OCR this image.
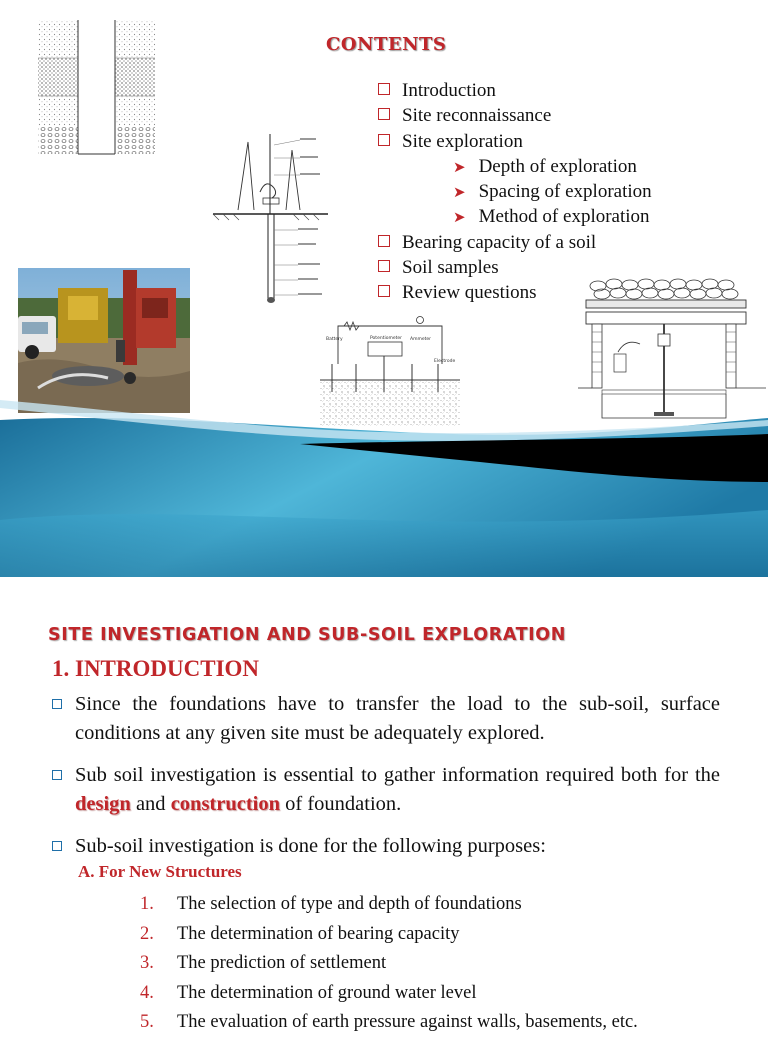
Battery	Potentiometer Ammeter
Electrode
CONTENTS
Introduction
Site reconnaissance
Site exploration
➤ Depth of exploration
➤ Spacing of exploration
➤ Method of exploration
Bearing capacity of a soil
Soil samples
Review questions
SITE INVESTIGATION AND SUB-SOIL EXPLORATION
1. INTRODUCTION
Since the foundations have to transfer the load to the sub-soil, surface conditions at any given site must be adequately explored.
Sub soil investigation is essential to gather information required both for the design and construction of foundation.
Sub-soil investigation is done for the following purposes:
A. For New Structures
1. The selection of type and depth of foundations
2. The determination of bearing capacity
3. The prediction of settlement
4. The determination of ground water level
5. The evaluation of earth pressure against walls, basements, etc.
